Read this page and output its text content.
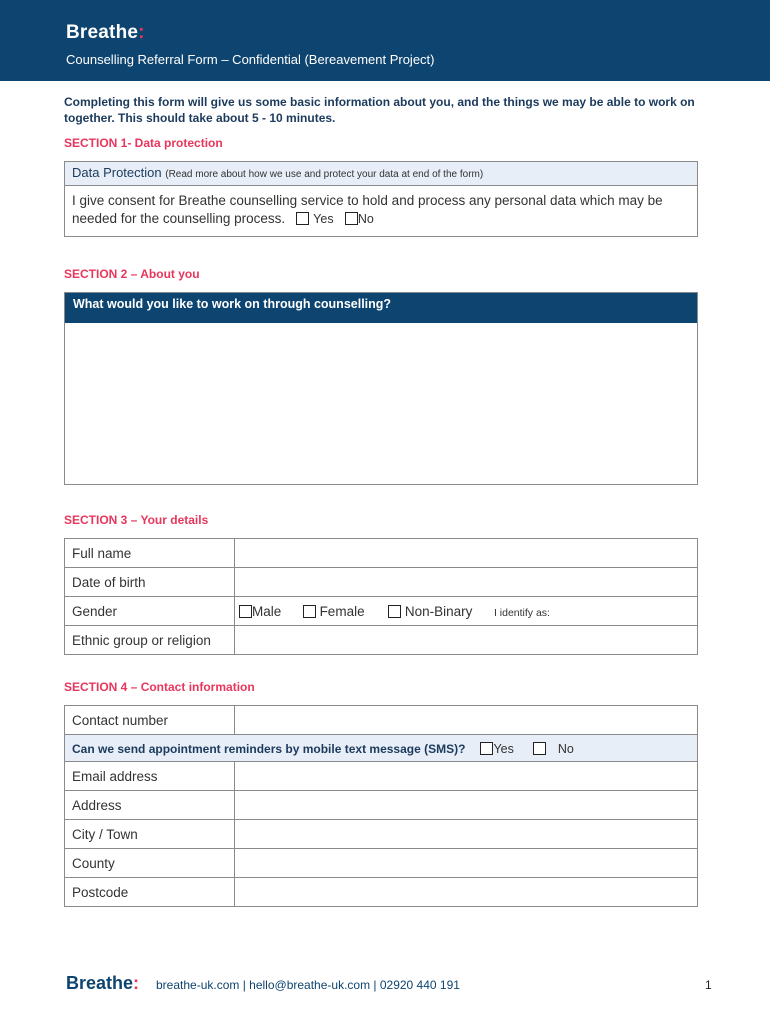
Breathe:
Counselling Referral Form – Confidential (Bereavement Project)
Completing this form will give us some basic information about you, and the things we may be able to work on together. This should take about 5 - 10 minutes.
SECTION 1- Data protection
Data Protection (Read more about how we use and protect your data at end of the form)
I give consent for Breathe counselling service to hold and process any personal data which may be needed for the counselling process. Yes No
SECTION 2 – About you
What would you like to work on through counselling?
SECTION 3 – Your details
Full name	
Date of birth	
Gender	Male Female Non-Binary I identify as:
Ethnic group or religion	
SECTION 4 – Contact information
Contact number	
Can we send appointment reminders by mobile text message (SMS)? Yes No	
Email address	
Address	
City / Town	
County	
Postcode	
Breathe: breathe-uk.com | hello@breathe-uk.com | 02920 440 191	1
